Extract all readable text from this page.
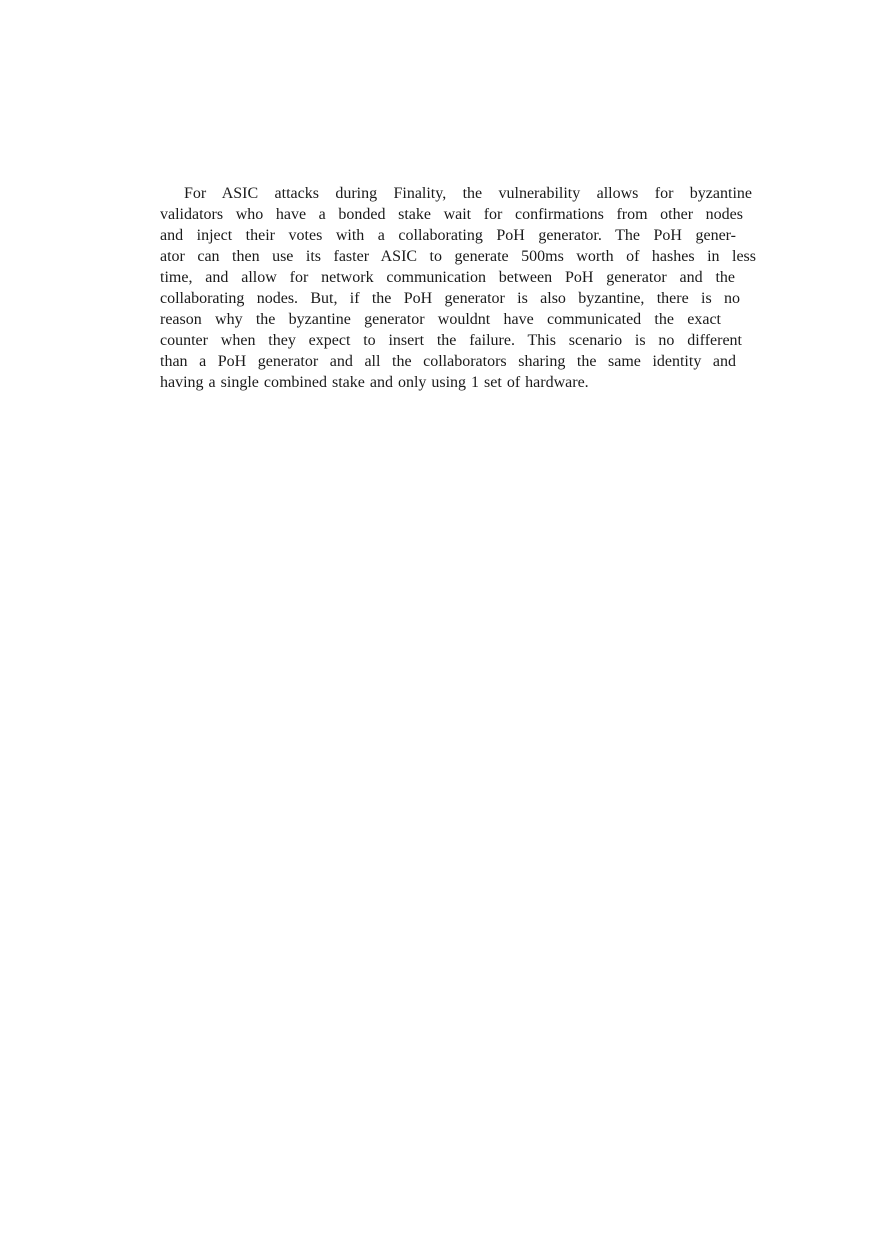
For ASIC attacks during Finality, the vulnerability allows for byzantine
validators who have a bonded stake wait for confirmations from other nodes
and inject their votes with a collaborating PoH generator. The PoH gener-
ator can then use its faster ASIC to generate 500ms worth of hashes in less
time, and allow for network communication between PoH generator and the
collaborating nodes. But, if the PoH generator is also byzantine, there is no
reason why the byzantine generator wouldnt have communicated the exact
counter when they expect to insert the failure. This scenario is no different
than a PoH generator and all the collaborators sharing the same identity and
having a single combined stake and only using 1 set of hardware.
